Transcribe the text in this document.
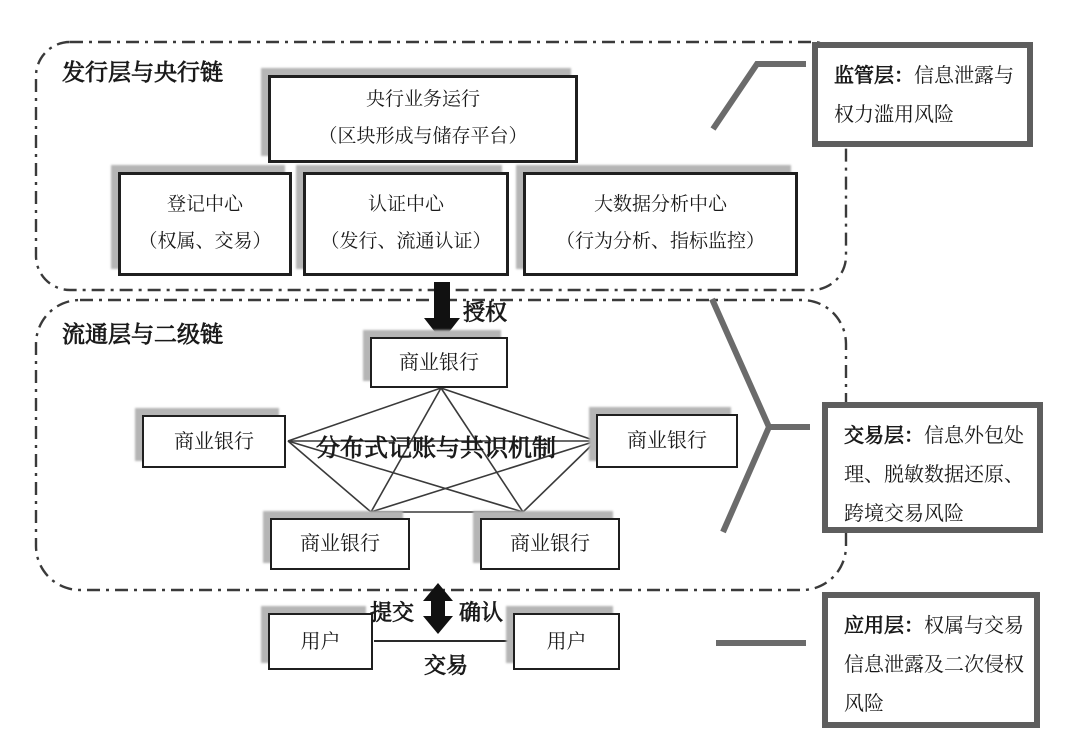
发行层与央行链
流通层与二级链
央行业务运行
（区块形成与储存平台）
登记中心
（权属、交易）
认证中心
（发行、流通认证）
大数据分析中心
（行为分析、指标监控）
商业银行
商业银行	商业银行
商业银行	商业银行
用户	用户
授权
分布式记账与共识机制
提交 确认
交易
监管层：信息泄露与权力滥用风险
交易层：信息外包处理、脱敏数据还原、跨境交易风险
应用层：权属与交易信息泄露及二次侵权风险
